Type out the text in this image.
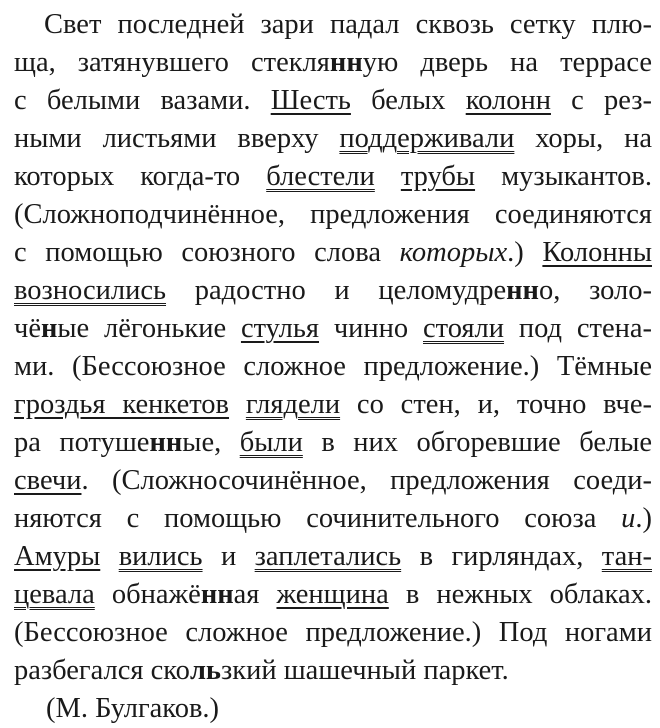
Свет последней зари падал сквозь сетку плю-
ща, затянувшего стеклянную дверь на террасе
с белыми вазами. Шесть белых колонн с рез-
ными листьями вверху поддерживали хоры, на
которых когда-то блестели трубы музыкантов.
(Сложноподчинённое, предложения соединяются
с помощью союзного слова которых.) Колонны
возносились радостно и целомудренно, золо-
чёные лёгонькие стулья чинно стояли под стена-
ми. (Бессоюзное сложное предложение.) Тёмные
гроздья кенкетов глядели со стен, и, точно вче-
ра потушенные, были в них обгоревшие белые
свечи. (Сложносочинённое, предложения соеди-
няются с помощью сочинительного союза и.)
Амуры вились и заплетались в гирляндах, тан-
цевала обнажённая женщина в нежных облаках.
(Бессоюзное сложное предложение.) Под ногами
разбегался скользкий шашечный паркет.
(М. Булгаков.)
